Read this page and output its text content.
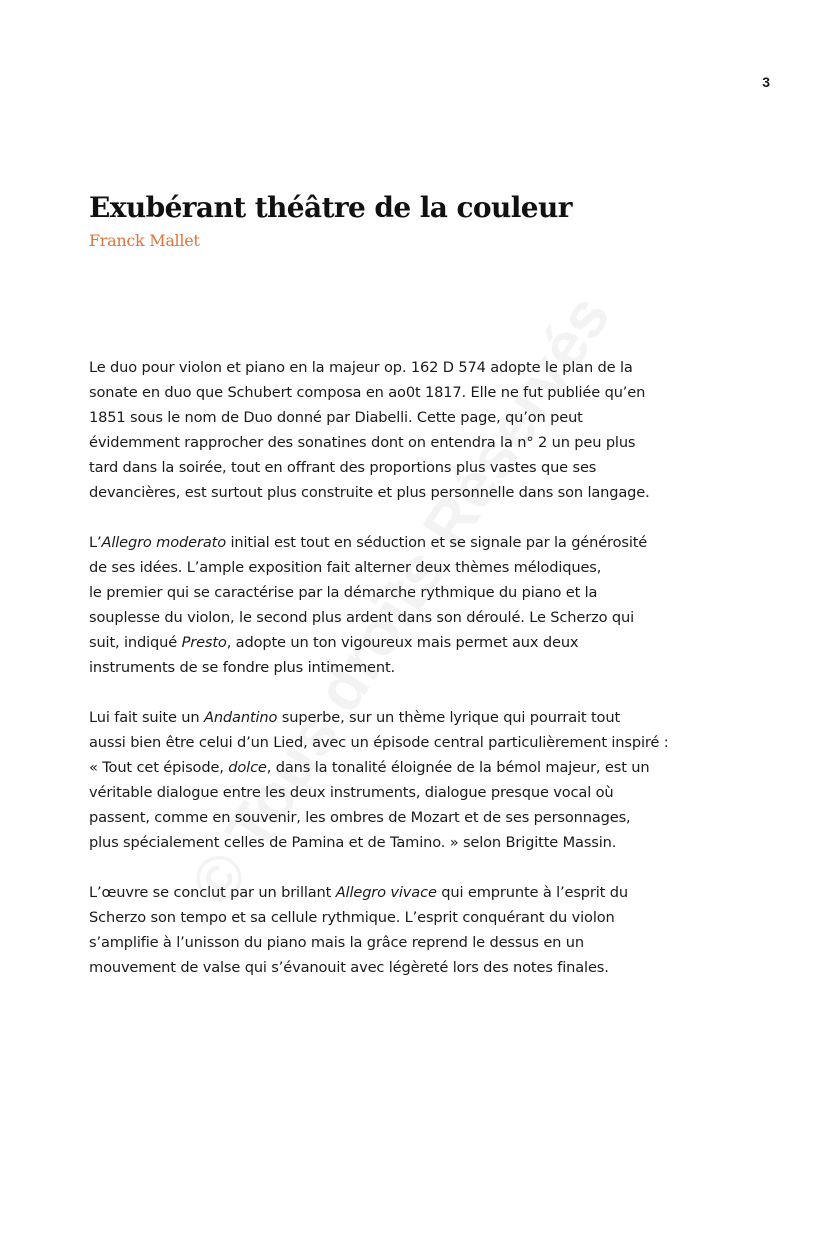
3
Exubérant théâtre de la couleur
Franck Mallet

Le duo pour violon et piano en la majeur op. 162 D 574 adopte le plan de la
sonate en duo que Schubert composa en ao0t 1817. Elle ne fut publiée qu’en
1851 sous le nom de Duo donné par Diabelli. Cette page, qu’on peut
évidemment rapprocher des sonatines dont on entendra la n° 2 un peu plus
tard dans la soirée, tout en offrant des proportions plus vastes que ses
devancières, est surtout plus construite et plus personnelle dans son langage.

L’Allegro moderato initial est tout en séduction et se signale par la générosité
de ses idées. L’ample exposition fait alterner deux thèmes mélodiques,
le premier qui se caractérise par la démarche rythmique du piano et la
souplesse du violon, le second plus ardent dans son déroulé. Le Scherzo qui
suit, indiqué Presto, adopte un ton vigoureux mais permet aux deux
instruments de se fondre plus intimement.

Lui fait suite un Andantino superbe, sur un thème lyrique qui pourrait tout
aussi bien être celui d’un Lied, avec un épisode central particulièrement inspiré :
« Tout cet épisode, dolce, dans la tonalité éloignée de la bémol majeur, est un
véritable dialogue entre les deux instruments, dialogue presque vocal où
passent, comme en souvenir, les ombres de Mozart et de ses personnages,
plus spécialement celles de Pamina et de Tamino. » selon Brigitte Massin.

L’œuvre se conclut par un brillant Allegro vivace qui emprunte à l’esprit du
Scherzo son tempo et sa cellule rythmique. L’esprit conquérant du violon
s’amplifie à l’unisson du piano mais la grâce reprend le dessus en un
mouvement de valse qui s’évanouit avec légèreté lors des notes finales.
